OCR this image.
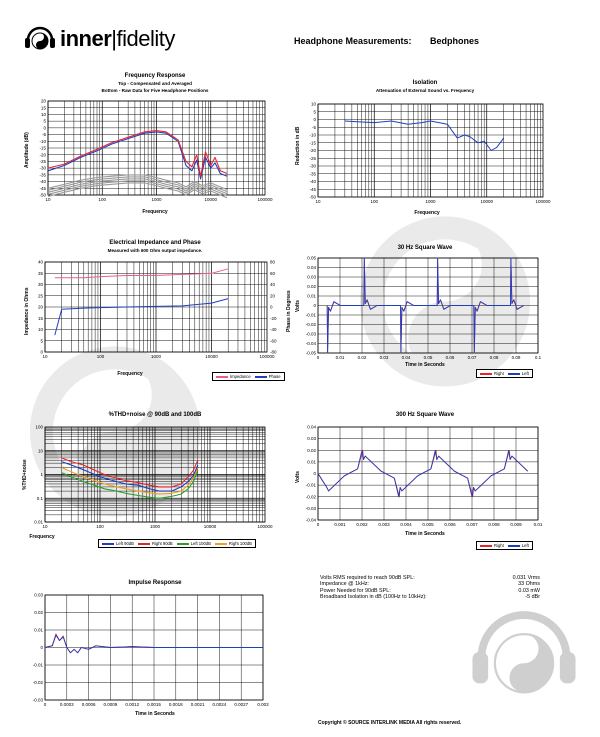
inner|fidelity	Headphone Measurements: Bedphones
Frequency Response
Top - Compensated and Averaged
Bottom - Raw Data for Five Headphone Positions
Isolation
Attenuation of External Sound vs. Frequency
Electrical Impedance and Phase
Measured with 600 Ohm output impedance.	30 Hz Square Wave
%THD+noise @ 90dB and 100dB	300 Hz Square Wave
Impulse Response
Amplitude (dB)	Reduction in dB
Impedance in Ohms	Phase in Degrees Volts
%THD+noise	Volts
Frequency	Frequency
Frequency
Time in Seconds
Frequency	Time in Seconds
Time in Seconds
10	100	1000	10000	100000
20
15
10
5
0
-5
-10
-15
-20
-25
-30
-35
-40
-45
-50
10	100	1000	10000	100000
10
5
0
-5
-10
-15
-20
-25
-30
-35
-40
-45
-50
10	100	1000	10000	100000
40
35
30
25
20
15
10
5
0
80
60
40
20
0
-20
-40
-60
-80
0	0.01	0.02	0.03	0.04	0.05	0.06	0.07	0.08	0.09	0.1
0.05
0.04
0.03
0.02
0.01
0
-0.01
-0.02
-0.03
-0.04
-0.05
10	100	1000	10000	100000
100
10
1
0.1
0.01	0	0.001 0.002 0.003 0.004 0.005 0.006 0.007 0.008 0.009	0.01
0.04
0.03
0.02
0.01
0
-0.01
-0.02
-0.03
-0.04
0	0.0003 0.0006 0.0009 0.0012 0.0015 0.0018 0.0021 0.0024 0.0027 0.003
0.03
0.02
0.01
0
-0.01
-0.02
-0.03
Impedance	Phase
Right	Left
Left 90dB	Right 90dB	Left 100dB	Right 100dB	Right	Left
Volts RMS required to reach 90dB SPL:	0.031 Vrms
Impedance @ 1kHz:	33 Ohms
Power Needed for 90dB SPL:	0.03 mW
Broadband Isolation in dB (100Hz to 10kHz):	-5 dBr
Copyright © SOURCE INTERLINK MEDIA All rights reserved.
